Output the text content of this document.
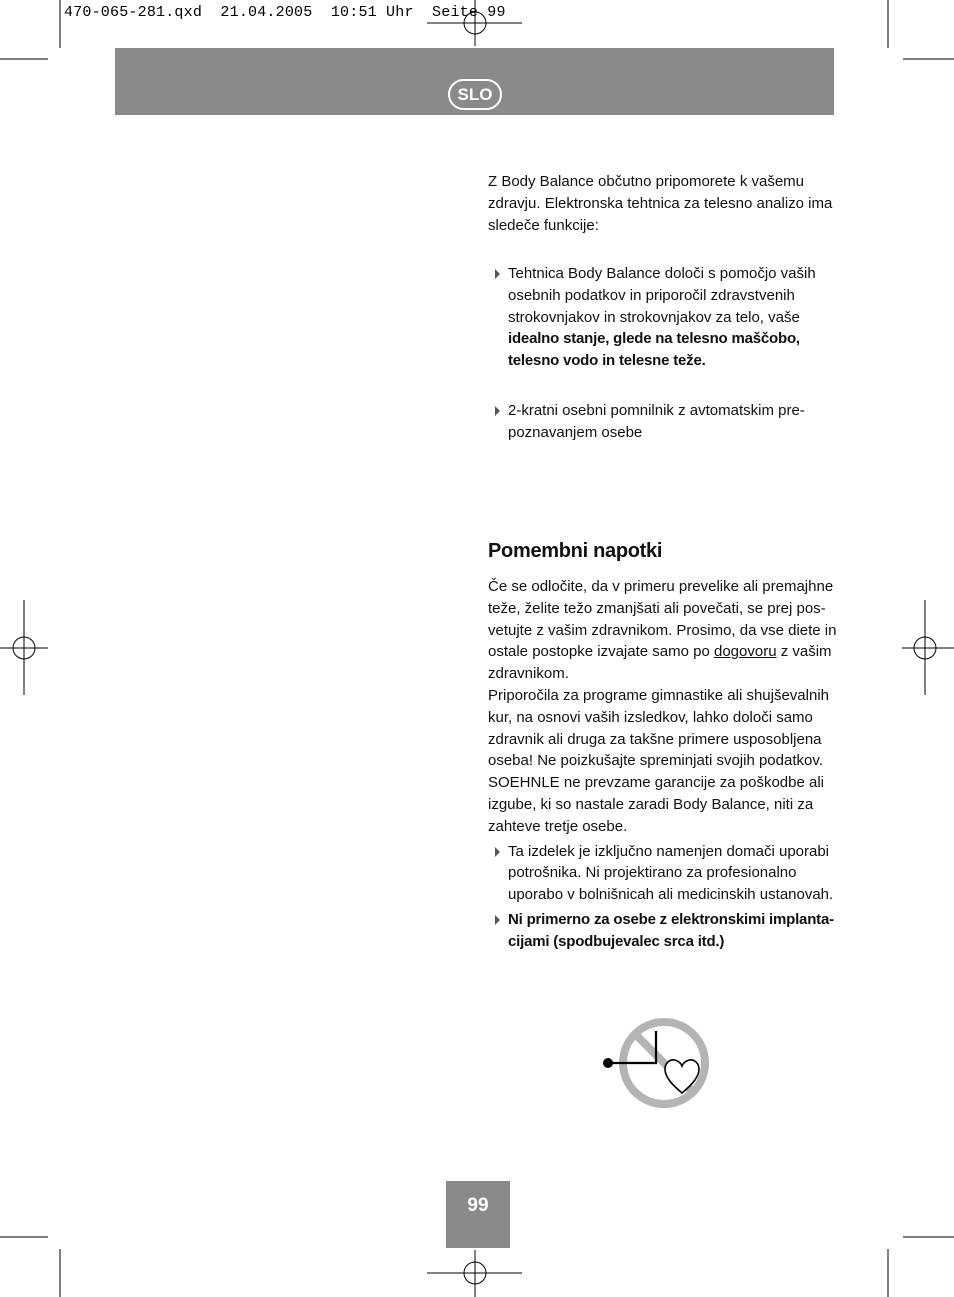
470-065-281.qxd  21.04.2005  10:51 Uhr  Seite 99
SLO

Z Body Balance občutno pripomorete k vašemu zdravju. Elektronska tehtnica za telesno analizo ima sledeče funkcije:

Tehtnica Body Balance določi s pomočjo vaših osebnih podatkov in priporočil zdravstvenih strokovnjakov in strokovnjakov za telo, vaše idealno stanje, glede na telesno maščobo, telesno vodo in telesne teže.

2-kratni osebni pomnilnik z avtomatskim pre-poznavanjem osebe

Pomembni napotki

Če se odločite, da v primeru prevelike ali premajhne teže, želite težo zmanjšati ali povečati, se prej pos-vetujte z vašim zdravnikom. Prosimo, da vse diete in ostale postopke izvajate samo po dogovoru z vašim zdravnikom.

Priporočila za programe gimnastike ali shujševalnih kur, na osnovi vaših izsledkov, lahko določi samo zdravnik ali druga za takšne primere usposobljena oseba! Ne poizkušajte spreminjati svojih podatkov. SOEHNLE ne prevzame garancije za poškodbe ali izgube, ki so nastale zaradi Body Balance, niti za zahteve tretje osebe.

Ta izdelek je izključno namenjen domači uporabi potrošnika. Ni projektirano za profesionalno uporabo v bolnišnicah ali medicinskih ustanovah.

Ni primerno za osebe z elektronskimi implanta-cijami (spodbujevalec srca itd.)

99
